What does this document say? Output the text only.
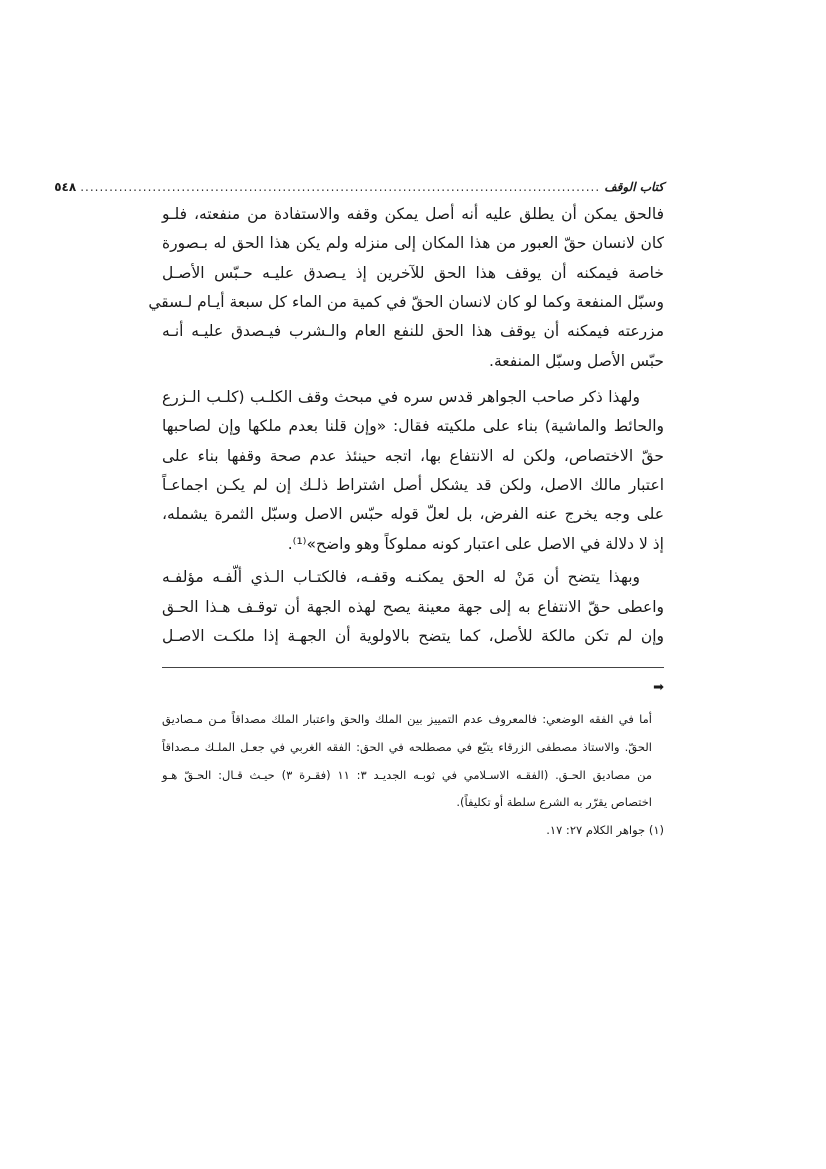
كتاب الوقف
............................................................................................................
٥٤٨
فالحق يمكن أن يطلق عليه أنه أصل يمكن وقفه والاستفادة من منفعته، فلـو
كان لانسان حقّ العبور من هذا المكان إلى منزله ولم يكن هذا الحق له بـصورة
خاصة فيمكنه أن يوقف هذا الحق للآخرين إذ يـصدق عليـه حـبّس الأصـل
وسبّل المنفعة وكما لو كان لانسان الحقّ في كمية من الماء كل سبعة أيـام لـسقي
مزرعته فيمكنه أن يوقف هذا الحق للنفع العام والـشرب فيـصدق عليـه أنـه
حبّس الأصل وسبّل المنفعة.
ولهذا ذكر صاحب الجواهر قدس سره في مبحث وقف الكلـب (كلـب الـزرع
والحائط والماشية) بناء على ملكيته فقال: «وإن قلنا بعدم ملكها وإن لصاحبها
حقّ الاختصاص، ولكن له الانتفاع بها، اتجه حينئذ عدم صحة وقفها بناء على
اعتبار مالك الاصل، ولكن قد يشكل أصل اشتراط ذلـك إن لم يكـن اجماعـاً
على وجه يخرج عنه الفرض، بل لعلّ قوله حبّس الاصل وسبّل الثمرة يشمله،
إذ لا دلالة في الاصل على اعتبار كونه مملوكاً وهو واضح»⁽¹⁾.
وبهذا يتضح أن مَنْ له الحق يمكنـه وقفـه، فالكتـاب الـذي ألّفـه مؤلفـه
واعطى حقّ الانتفاع به إلى جهة معينة يصح لهذه الجهة أن توقـف هـذا الحـق
وإن لم تكن مالكة للأصل، كما يتضح بالاولوية أن الجهـة إذا ملكـت الاصـل
➡
أما في الفقه الوضعي: فالمعروف عدم التمييز بين الملك والحق واعتبار الملك مصداقاً مـن مـصاديق
الحقّ. والاستاذ مصطفى الزرقاء يتبّع في مصطلحه في الحق: الفقه الغربي في جعـل الملـك مـصداقاً
من مصاديق الحـق. (الفقـه الاسـلامي في ثوبـه الجديـد ٣: ١١ (فقـرة ٣) حيـث قـال: الحـقّ هـو
اختصاص يقرّر به الشرع سلطة أو تكليفاً).
(١) جواهر الكلام ٢٧: ١٧.
